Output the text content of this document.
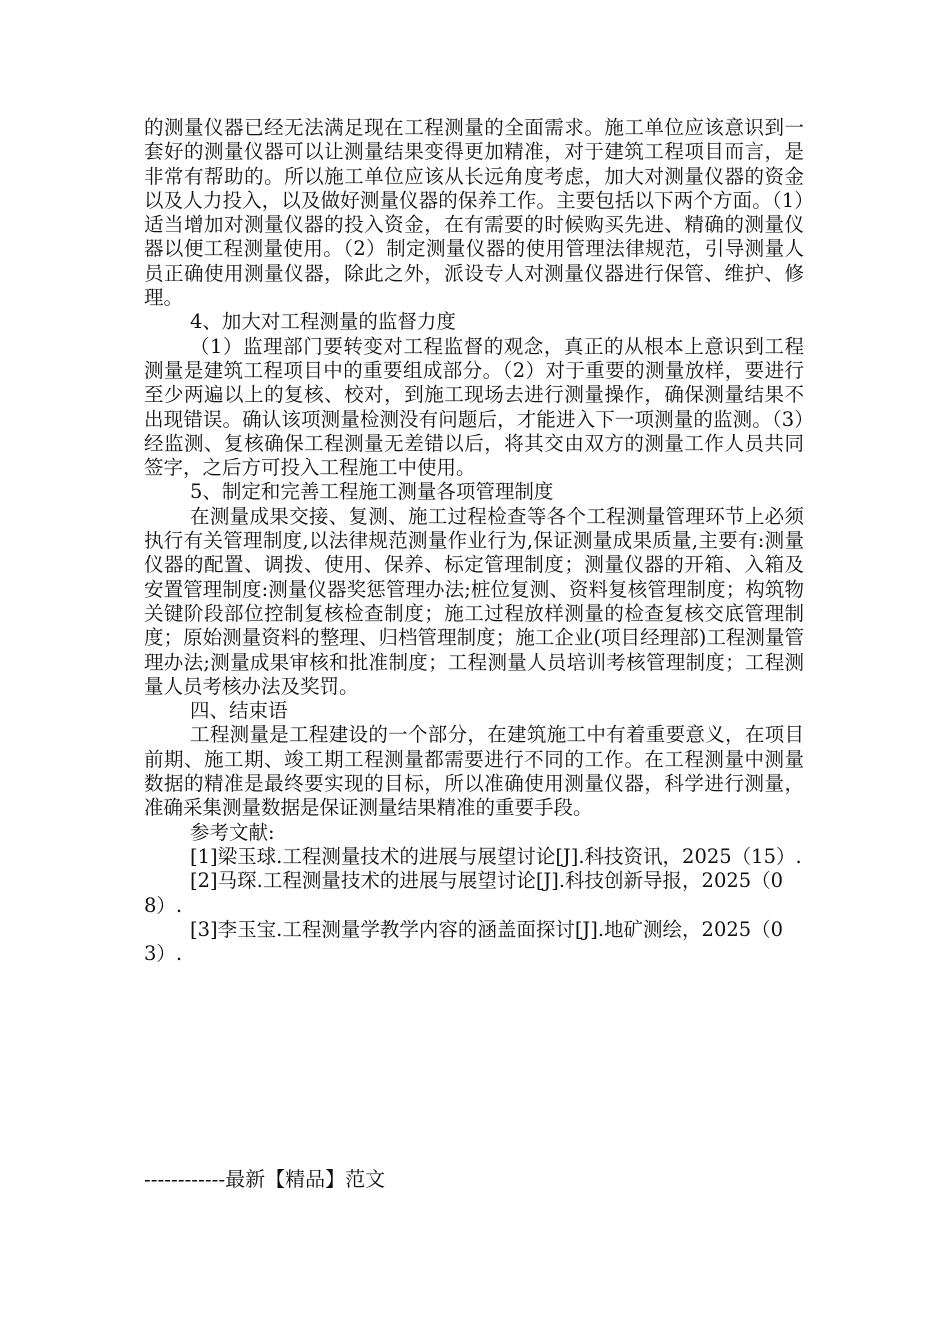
的测量仪器已经无法满足现在工程测量的全面需求。施工单位应该意识到一套好的测量仪器可以让测量结果变得更加精准，对于建筑工程项目而言，是非常有帮助的。所以施工单位应该从长远角度考虑，加大对测量仪器的资金以及人力投入，以及做好测量仪器的保养工作。主要包括以下两个方面。（1）适当增加对测量仪器的投入资金，在有需要的时候购买先进、精确的测量仪器以便工程测量使用。（2）制定测量仪器的使用管理法律规范，引导测量人员正确使用测量仪器，除此之外，派设专人对测量仪器进行保管、维护、修理。

4、加大对工程测量的监督力度

（1）监理部门要转变对工程监督的观念，真正的从根本上意识到工程测量是建筑工程项目中的重要组成部分。（2）对于重要的测量放样，要进行至少两遍以上的复核、校对，到施工现场去进行测量操作，确保测量结果不出现错误。确认该项测量检测没有问题后，才能进入下一项测量的监测。（3）经监测、复核确保工程测量无差错以后，将其交由双方的测量工作人员共同签字，之后方可投入工程施工中使用。

5、制定和完善工程施工测量各项管理制度

在测量成果交接、复测、施工过程检查等各个工程测量管理环节上必须执行有关管理制度,以法律规范测量作业行为,保证测量成果质量,主要有:测量仪器的配置、调拨、使用、保养、标定管理制度；测量仪器的开箱、入箱及安置管理制度:测量仪器奖惩管理办法;桩位复测、资料复核管理制度；构筑物关键阶段部位控制复核检查制度；施工过程放样测量的检查复核交底管理制度；原始测量资料的整理、归档管理制度；施工企业(项目经理部)工程测量管理办法;测量成果审核和批准制度；工程测量人员培训考核管理制度；工程测量人员考核办法及奖罚。

四、结束语

工程测量是工程建设的一个部分，在建筑施工中有着重要意义，在项目前期、施工期、竣工期工程测量都需要进行不同的工作。在工程测量中测量数据的精准是最终要实现的目标，所以准确使用测量仪器，科学进行测量，准确采集测量数据是保证测量结果精准的重要手段。

参考文献:

[1]梁玉球.工程测量技术的进展与展望讨论[J].科技资讯，2025（15）.

[2]马琛.工程测量技术的进展与展望讨论[J].科技创新导报，2025（08）.

[3]李玉宝.工程测量学教学内容的涵盖面探讨[J].地矿测绘，2025（03）.

------------最新【精品】范文
